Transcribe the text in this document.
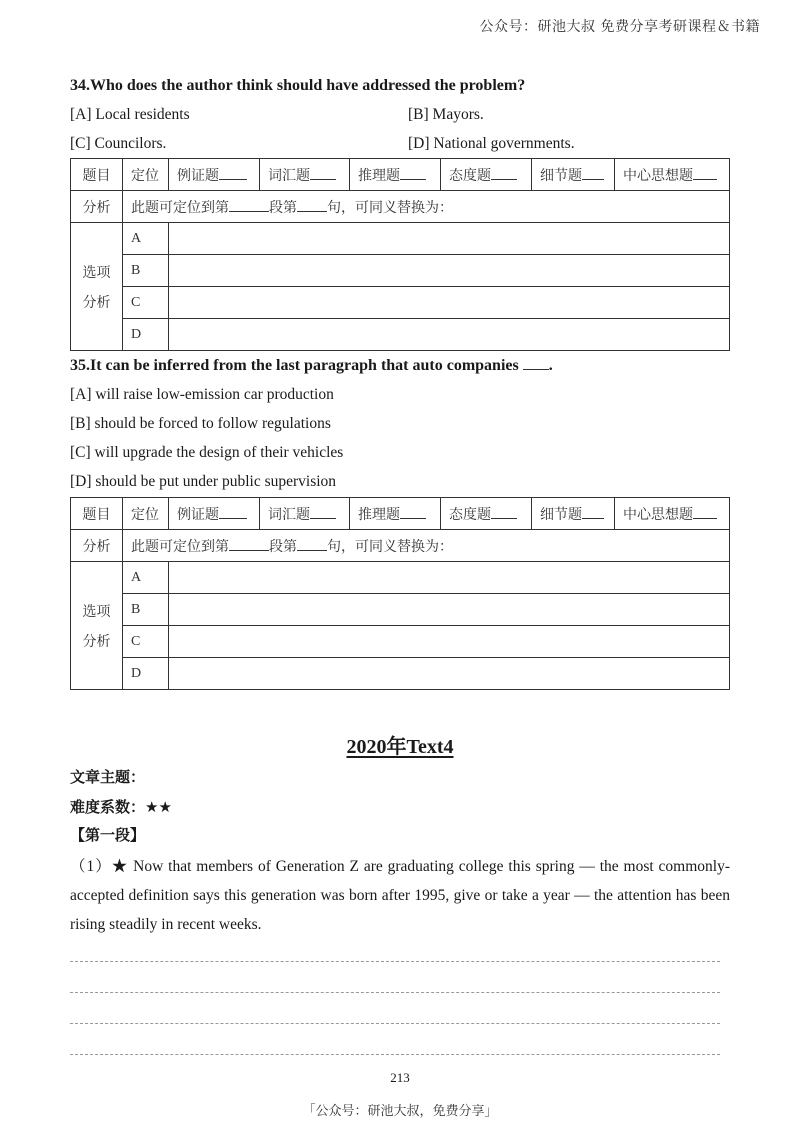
公众号：研池大叔 免费分享考研课程＆书籍
34.Who does the author think should have addressed the problem?
[A] Local residents	[B] Mayors.
[C] Councilors.	[D] National governments.
题目	定位	例证题	词汇题	推理题	态度题	细节题	中心思想题
分析	此题可定位到第 段第 句，可同义替换为：						

选项
分析	A						
	B						
	C						
	D						
35.It can be inferred from the last paragraph that auto companies .
[A] will raise low-emission car production
[B] should be forced to follow regulations
[C] will upgrade the design of their vehicles
[D] should be put under public supervision
题目	定位	例证题	词汇题	推理题	态度题	细节题	中心思想题
分析	此题可定位到第 段第 句，可同义替换为：						

选项
分析	A						
	B						
	C						
	D						
2020年Text4
文章主题：
难度系数：★★
【第一段】
（1）★ Now that members of Generation Z are graduating college this spring — the most commonly-accepted definition says this generation was born after 1995, give or take a year — the attention has been rising steadily in recent weeks.
213
「公众号：研池大叔，免费分享」
